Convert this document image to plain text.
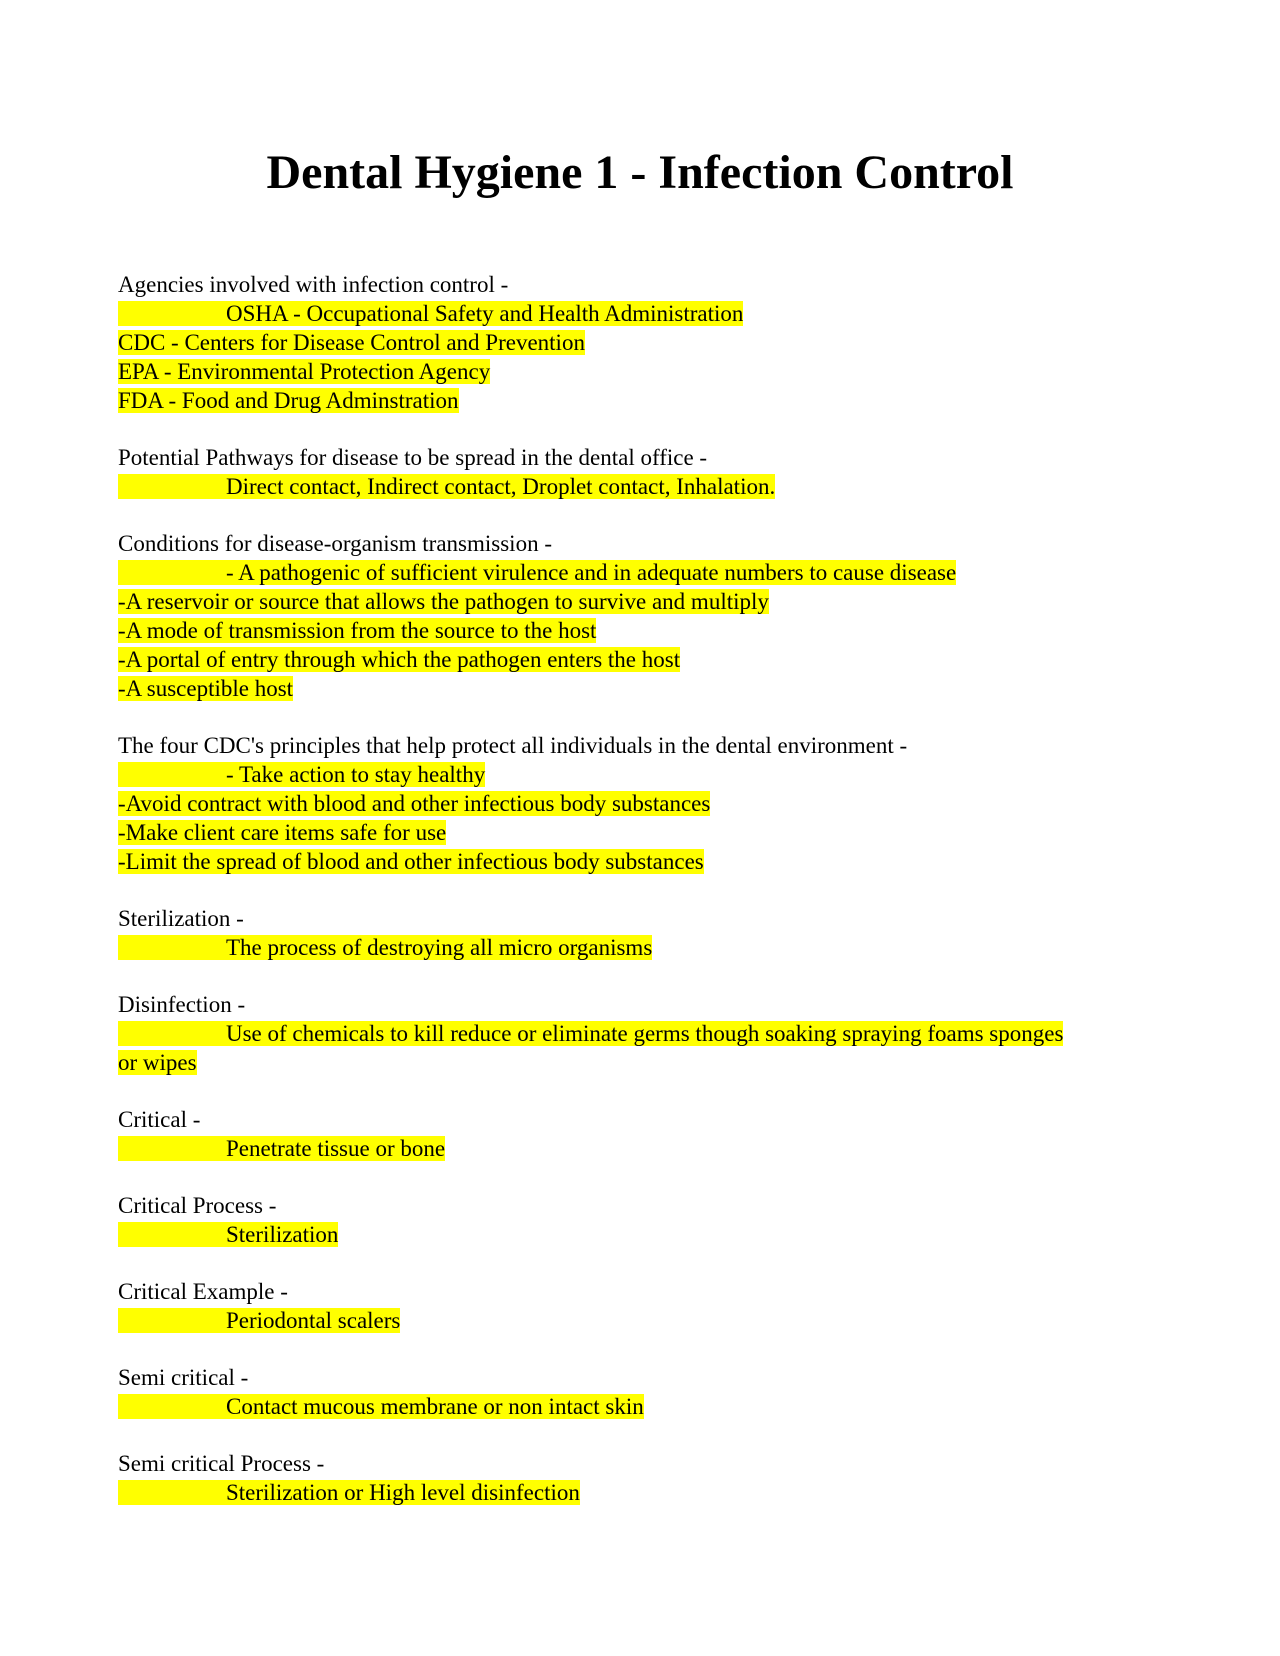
Dental Hygiene 1 - Infection Control
Agencies involved with infection control -
OSHA - Occupational Safety and Health Administration
CDC - Centers for Disease Control and Prevention
EPA - Environmental Protection Agency
FDA - Food and Drug Adminstration
Potential Pathways for disease to be spread in the dental office -
Direct contact, Indirect contact, Droplet contact, Inhalation.
Conditions for disease-organism transmission -
- A pathogenic of sufficient virulence and in adequate numbers to cause disease
-A reservoir or source that allows the pathogen to survive and multiply
-A mode of transmission from the source to the host
-A portal of entry through which the pathogen enters the host
-A susceptible host
The four CDC's principles that help protect all individuals in the dental environment -
- Take action to stay healthy
-Avoid contract with blood and other infectious body substances
-Make client care items safe for use
-Limit the spread of blood and other infectious body substances
Sterilization -
The process of destroying all micro organisms
Disinfection -
Use of chemicals to kill reduce or eliminate germs though soaking spraying foams sponges
or wipes
Critical -
Penetrate tissue or bone
Critical Process -
Sterilization
Critical Example -
Periodontal scalers
Semi critical -
Contact mucous membrane or non intact skin
Semi critical Process -
Sterilization or High level disinfection
